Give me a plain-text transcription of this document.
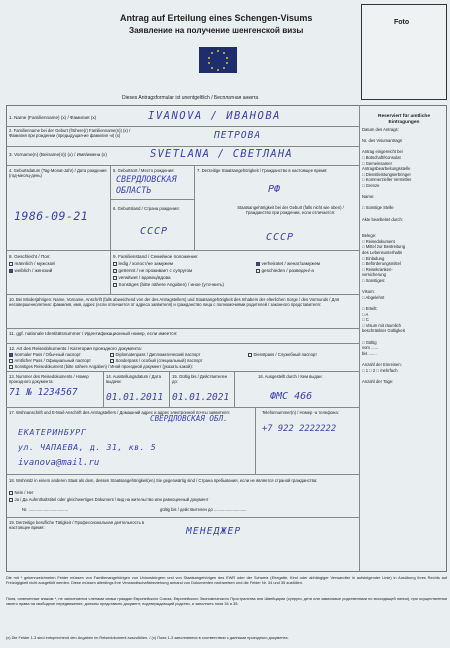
Antrag auf Erteilung eines Schengen-Visums
Заявление на получение шенгенской визы
Foto
Dieses Antragsformular ist unentgeltlich / Бесплатная анкета
1. Name (Familienname) (x) / Фамилия (x)	IVANOVA / ИВАНОВА
2. Familienname bei der Geburt (frühere(r) Familienname(n)) (x) / Фамилия при рождении (предыдущая-ие фамилия -и) (x)	ПЕТРОВА
3. Vorname(n) (Beiname(n)) (x) / Имя/имена (x)	SVETLANA / СВЕТЛАНА
4. Geburtsdatum (Tag-Monat-Jahr) / Дата рождения (год-месяц-день)
1986-09-21
5. Geburtsort / Место рождения:
СВЕРДЛОВСКАЯ ОБЛАСТЬ
6. Geburtsland / Страна рождения:
СССР
7. Derzeitige Staatsangehörigkeit / Гражданство в настоящее время:
РФ
Staatsangehörigkeit bei der Geburt (falls nicht wie oben) / Гражданство при рождении, если отличается:
СССР
8. Geschlecht / Пол:
männlich / мужской
weiblich / женский
9. Familienstand / Семейное положение:
ledig / холост/не замужем
getrennt / не проживает с супругом
verwitwet / вдовец/вдова
Sonstiges (bitte nähere Angaben) / иное (уточнить)
verheiratet / женат/замужем
geschieden / разведен/-а
10. Bei Minderjährigen: Name, Vorname, Anschrift (falls abweichend von der des Antragstellers) und Staatsangehörigkeit des Inhabers der elterlichen Sorge / des Vormunds / Для несовершеннолетних: фамилия, имя, адрес (если отличается от адреса заявителя) и гражданство лица с полномочиями родителей / законного представителя:
11. ggf. nationale Identitätsnummer / Идентификационный номер, если имеется:
12. Art des Reisedokuments / Категория проездного документа:
Normaler Pass / Обычный паспорт	Diplomatenpass / Дипломатический паспорт	Dienstpass / Служебный паспорт
Amtlicher Pass / Официальный паспорт	Sonderpass / особый (специальный) паспорт
Sonstiges Reisedokument (bitte nähere Angaben) / Иной проездной документ (указать какой):
13. Nummer des Reisedokuments / Номер проездного документа:
71 № 1234567
14. Ausstellungsdatum / Дата выдачи:
01.01.2011
15. Gültig bis / Действителен до:
01.01.2021
16. Ausgestellt durch / Кем выдан:
ФМС 466
17. Wohnanschrift und E-Mail-Anschrift des Antragstellers / Домашний адрес и адрес электронной почты заявителя:
СВЕРДЛОВСКАЯ ОБЛ.
ЕКАТЕРИНБУРГ
ул. ЧАПАЕВА, д. 31, кв. 5
ivanova@mail.ru
Telefonnummer(n) / Номер -а телефона:
+7 922 2222222
18. Wohnsitz in einem anderen Staat als dem, dessen Staatsangehörigkeit(en) Sie gegenwärtig sind / Страна пребывания, если не является страной гражданства:
Nein / Нет
Ja / Да Aufenthaltstitel oder gleichwertiges Dokument / вид на жительство или равноценный документ
Nr. ..................................	gültig bis / действителен до ............................
19. Derzeitige berufliche Tätigkeit / Профессиональная деятельность в настоящее время:	МЕНЕДЖЕР
Reserviert für amtliche Eintragungen
Datum des Antrags:
Nr. des Visumantrags
Antrag eingereicht bei
□ Botschaft/Konsulat
□ Gemeinsamer
Antragsbearbeitungsstelle
□ Dienstleistungserbringer
□ Kommerzieller Vermittler
□ Grenze
Name:
□ Sonstige Stelle
Akte bearbeitet durch:
Belege:
□ Reisedokument
□ Mittel zur Bestreitung
des Lebensunterhalts
□ Einladung
□ Beförderungsmittel
□ Reisekranken-
versicherung
□ Sonstiges:
Visum:
□ Abgelehnt
□ Erteilt:
□ A
□ C
□ Visum mit räumlich
beschränkter Gültigkeit
□ Gültig
vom ......
bis .......
Anzahl der Einreisen:
□ 1 □ 2 □ mehrfach
Anzahl der Tage:
Die mit * gekennzeichneten Felder müssen von Familienangehörigen von Unionsbürgern und von Staatsangehörigen des EWR oder der Schweiz (Ehegatte, Kind oder abhängiger Verwandter in aufsteigender Linie) in Ausübung ihres Rechts auf Freizügigkeit nicht ausgefüllt werden. Diese müssen allerdings ihre Verwandtschaftsbeziehung anhand von Dokumenten nachweisen und die Felder Nr. 34 und 35 ausfüllen.
Поля, отмеченные знаком *, не заполняются членами семьи граждан Европейского Союза, Европейского Экономического Пространства или Швейцарии (супруги, дети или зависимые родственники по восходящей линии), при осуществлении своего права на свободное передвижение, должны представить документ, подтверждающий родство, и заполнить поля 34 и 35.
(x) Die Felder 1-3 sind entsprechend den Angaben im Reisedokument auszufüllen. / (x) Поля 1-3 заполняются в соответствии с данными проездного документа.
